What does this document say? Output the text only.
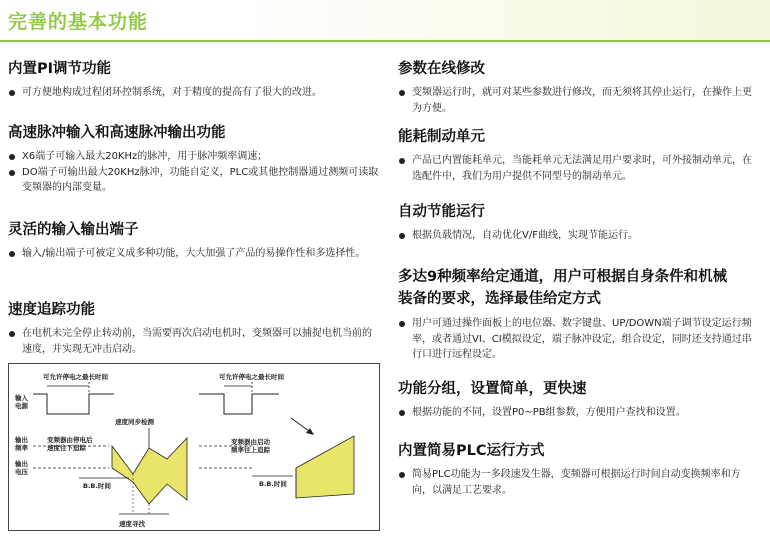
完善的基本功能
内置PI调节功能
可方便地构成过程闭环控制系统，对于精度的提高有了很大的改进。
高速脉冲输入和高速脉冲输出功能
X6端子可输入最大20KHz的脉冲，用于脉冲频率调速；
DO端子可输出最大20KHz脉冲，功能自定义，PLC或其他控制器通过测频可读取变频器的内部变量。
灵活的输入输出端子
输入/输出端子可被定义成多种功能，大大加强了产品的易操作性和多选择性。
速度追踪功能
在电机未完全停止转动前，当需要再次启动电机时，变频器可以捕捉电机当前的速度，并实现无冲击启动。
可允许停电之最长时间	可允许停电之最长时间
输入
电源
速度同步检测
输出
频率
输出
电压
变频器由停电后
速度往下追踪
变频器由启动
频率往上追踪
B.B.时间
速度寻找
B.B.时间
参数在线修改
变频器运行时，就可对某些参数进行修改，而无须将其停止运行，在操作上更为方便。
能耗制动单元
产品已内置能耗单元，当能耗单元无法满足用户要求时，可外接制动单元，在选配件中，我们为用户提供不同型号的制动单元。
自动节能运行
根据负载情况，自动优化V/F曲线，实现节能运行。
多达9种频率给定通道，用户可根据自身条件和机械
装备的要求，选择最佳给定方式
用户可通过操作面板上的电位器、数字键盘、UP/DOWN端子调节设定运行频率，或者通过VI、CI模拟设定，端子脉冲设定，组合设定，同时还支持通过串行口进行远程设定。
功能分组，设置简单，更快速
根据功能的不同，设置P0~PB组参数，方便用户查找和设置。
内置简易PLC运行方式
简易PLC功能为一多段速发生器，变频器可根据运行时间自动变换频率和方向，以满足工艺要求。
